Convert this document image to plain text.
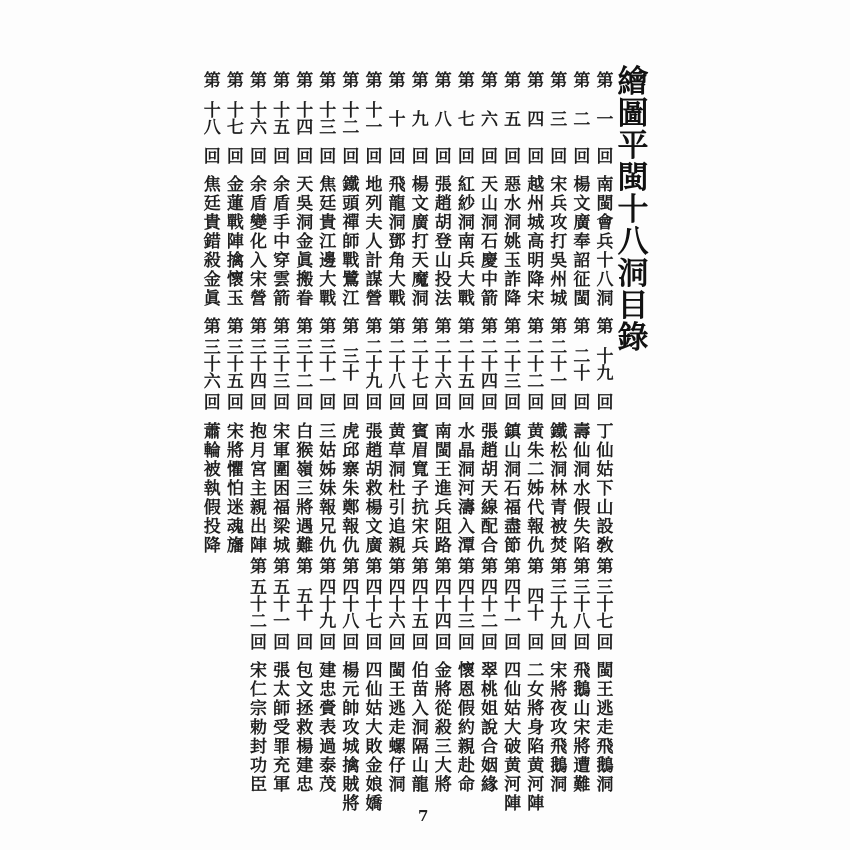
繪
圖
平
閩
十
八
洞
目
錄
第
一
回
南
閩
會
兵
十
八
洞
第
二
回
楊
文
廣
奉
詔
征
閩
第
三
回
宋
兵
攻
打
吳
州
城
第
四
回
越
州
城
高
明
降
宋
第
五
回
惡
水
洞
姚
玉
詐
降
第
六
回
天
山
洞
石
慶
中
箭
第
七
回
紅
紗
洞
南
兵
大
戰
第
八
回
張
趙
胡
登
山
投
法
第
九
回
楊
文
廣
打
天
魔
洞
第
十
回
飛
龍
洞
鄧
角
大
戰
第
十
一
回
地
列
夫
人
計
謀
營
第
十
二
回
鐵
頭
禪
師
戰
鷺
江
第
十
三
回
焦
廷
貴
江
邊
大
戰
第
十
四
回
天
吳
洞
金
眞
搬
眷
第
十
五
回
余
盾
手
中
穿
雲
箭
第
十
六
回
余
盾
變
化
入
宋
營
第
十
七
回
金
蓮
戰
陣
擒
懷
玉
第
十
八
回
焦
廷
貴
錯
殺
金
眞
第
十
九
回
丁
仙
姑
下
山
設
敎
第
二
十
回
壽
仙
洞
水
假
失
陷
第
二
十
一
回
鐵
松
洞
林
青
被
焚
第
二
十
二
回
黄
朱
二
姊
代
報
仇
第
二
十
三
回
鎮
山
洞
石
福
盡
節
第
二
十
四
回
張
趙
胡
天
線
配
合
第
二
十
五
回
水
晶
洞
河
濤
入
潭
第
二
十
六
回
南
閩
王
進
兵
阻
路
第
二
十
七
回
賓
眉
寬
子
抗
宋
兵
第
二
十
八
回
黄
草
洞
杜
引
追
親
第
二
十
九
回
張
趙
胡
救
楊
文
廣
第
三
十
回
虎
邱
寨
朱
鄭
報
仇
第
三
十
一
回
三
姑
姊
妹
報
兄
仇
第
三
十
二
回
白
猴
嶺
三
將
遇
難
第
三
十
三
回
宋
軍
圍
困
福
梁
城
第
三
十
四
回
抱
月
宮
主
親
出
陣
第
三
十
五
回
宋
將
懼
怕
迷
魂
旛
第
三
十
六
回
蕭
輪
被
執
假
投
降
第
三
十
七
回
閩
王
逃
走
飛
鵝
洞
第
三
十
八
回
飛
鵝
山
宋
將
遭
難
第
三
十
九
回
宋
將
夜
攻
飛
鵝
洞
第
四
十
回
二
女
將
身
陷
黄
河
陣
第
四
十
一
回
四
仙
姑
大
破
黄
河
陣
第
四
十
二
回
翠
桃
姐
說
合
姻
緣
第
四
十
三
回
懷
恩
假
約
親
赴
命
第
四
十
四
回
金
將
從
殺
三
大
將
第
四
十
五
回
伯
苗
入
洞
隔
山
龍
第
四
十
六
回
閩
王
逃
走
螺
仔
洞
第
四
十
七
回
四
仙
姑
大
敗
金
娘
嬌
第
四
十
八
回
楊
元
帥
攻
城
擒
賊
將
第
四
十
九
回
建
忠
賫
表
過
泰
茂
第
五
十
回
包
文
拯
救
楊
建
忠
第
五
十
一
回
張
太
師
受
罪
充
軍
第
五
十
二
回
宋
仁
宗
勅
封
功
臣
7
